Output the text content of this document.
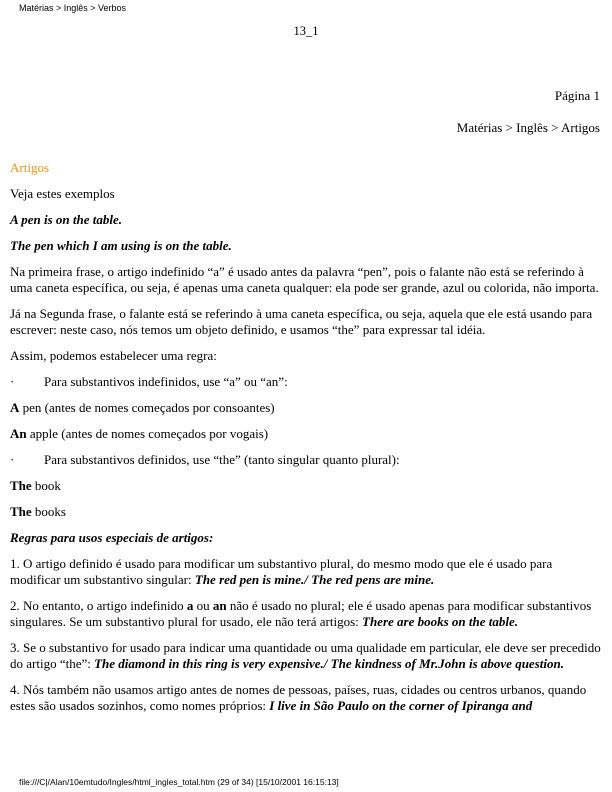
Matérias > Inglês > Verbos
13_1
Página 1
Matérias > Inglês > Artigos

Artigos

Veja estes exemplos

A pen is on the table.

The pen which I am using is on the table.

Na primeira frase, o artigo indefinido “a” é usado antes da palavra “pen”, pois o falante não está se referindo à uma caneta específica, ou seja, é apenas uma caneta qualquer: ela pode ser grande, azul ou colorida, não importa.

Já na Segunda frase, o falante está se referindo à uma caneta específica, ou seja, aquela que ele está usando para escrever: neste caso, nós temos um objeto definido, e usamos “the” para expressar tal idéia.

Assim, podemos estabelecer uma regra:

·	Para substantivos indefinidos, use “a” ou “an”:

A pen (antes de nomes começados por consoantes)

An apple (antes de nomes começados por vogais)

·	Para substantivos definidos, use “the” (tanto singular quanto plural):

The book

The books

Regras para usos especiais de artigos:

1. O artigo definido é usado para modificar um substantivo plural, do mesmo modo que ele é usado para modificar um substantivo singular: The red pen is mine./ The red pens are mine.

2. No entanto, o artigo indefinido a ou an não é usado no plural; ele é usado apenas para modificar substantivos singulares. Se um substantivo plural for usado, ele não terá artigos: There are books on the table.

3. Se o substantivo for usado para indicar uma quantidade ou uma qualidade em particular, ele deve ser precedido do artigo “the”: The diamond in this ring is very expensive./ The kindness of Mr.John is above question.

4. Nós também não usamos artigo antes de nomes de pessoas, países, ruas, cidades ou centros urbanos, quando estes são usados sozinhos, como nomes próprios: I live in São Paulo on the corner of Ipiranga and

file:///C|/Alan/10emtudo/Ingles/html_ingles_total.htm (29 of 34) [15/10/2001 16:15:13]
